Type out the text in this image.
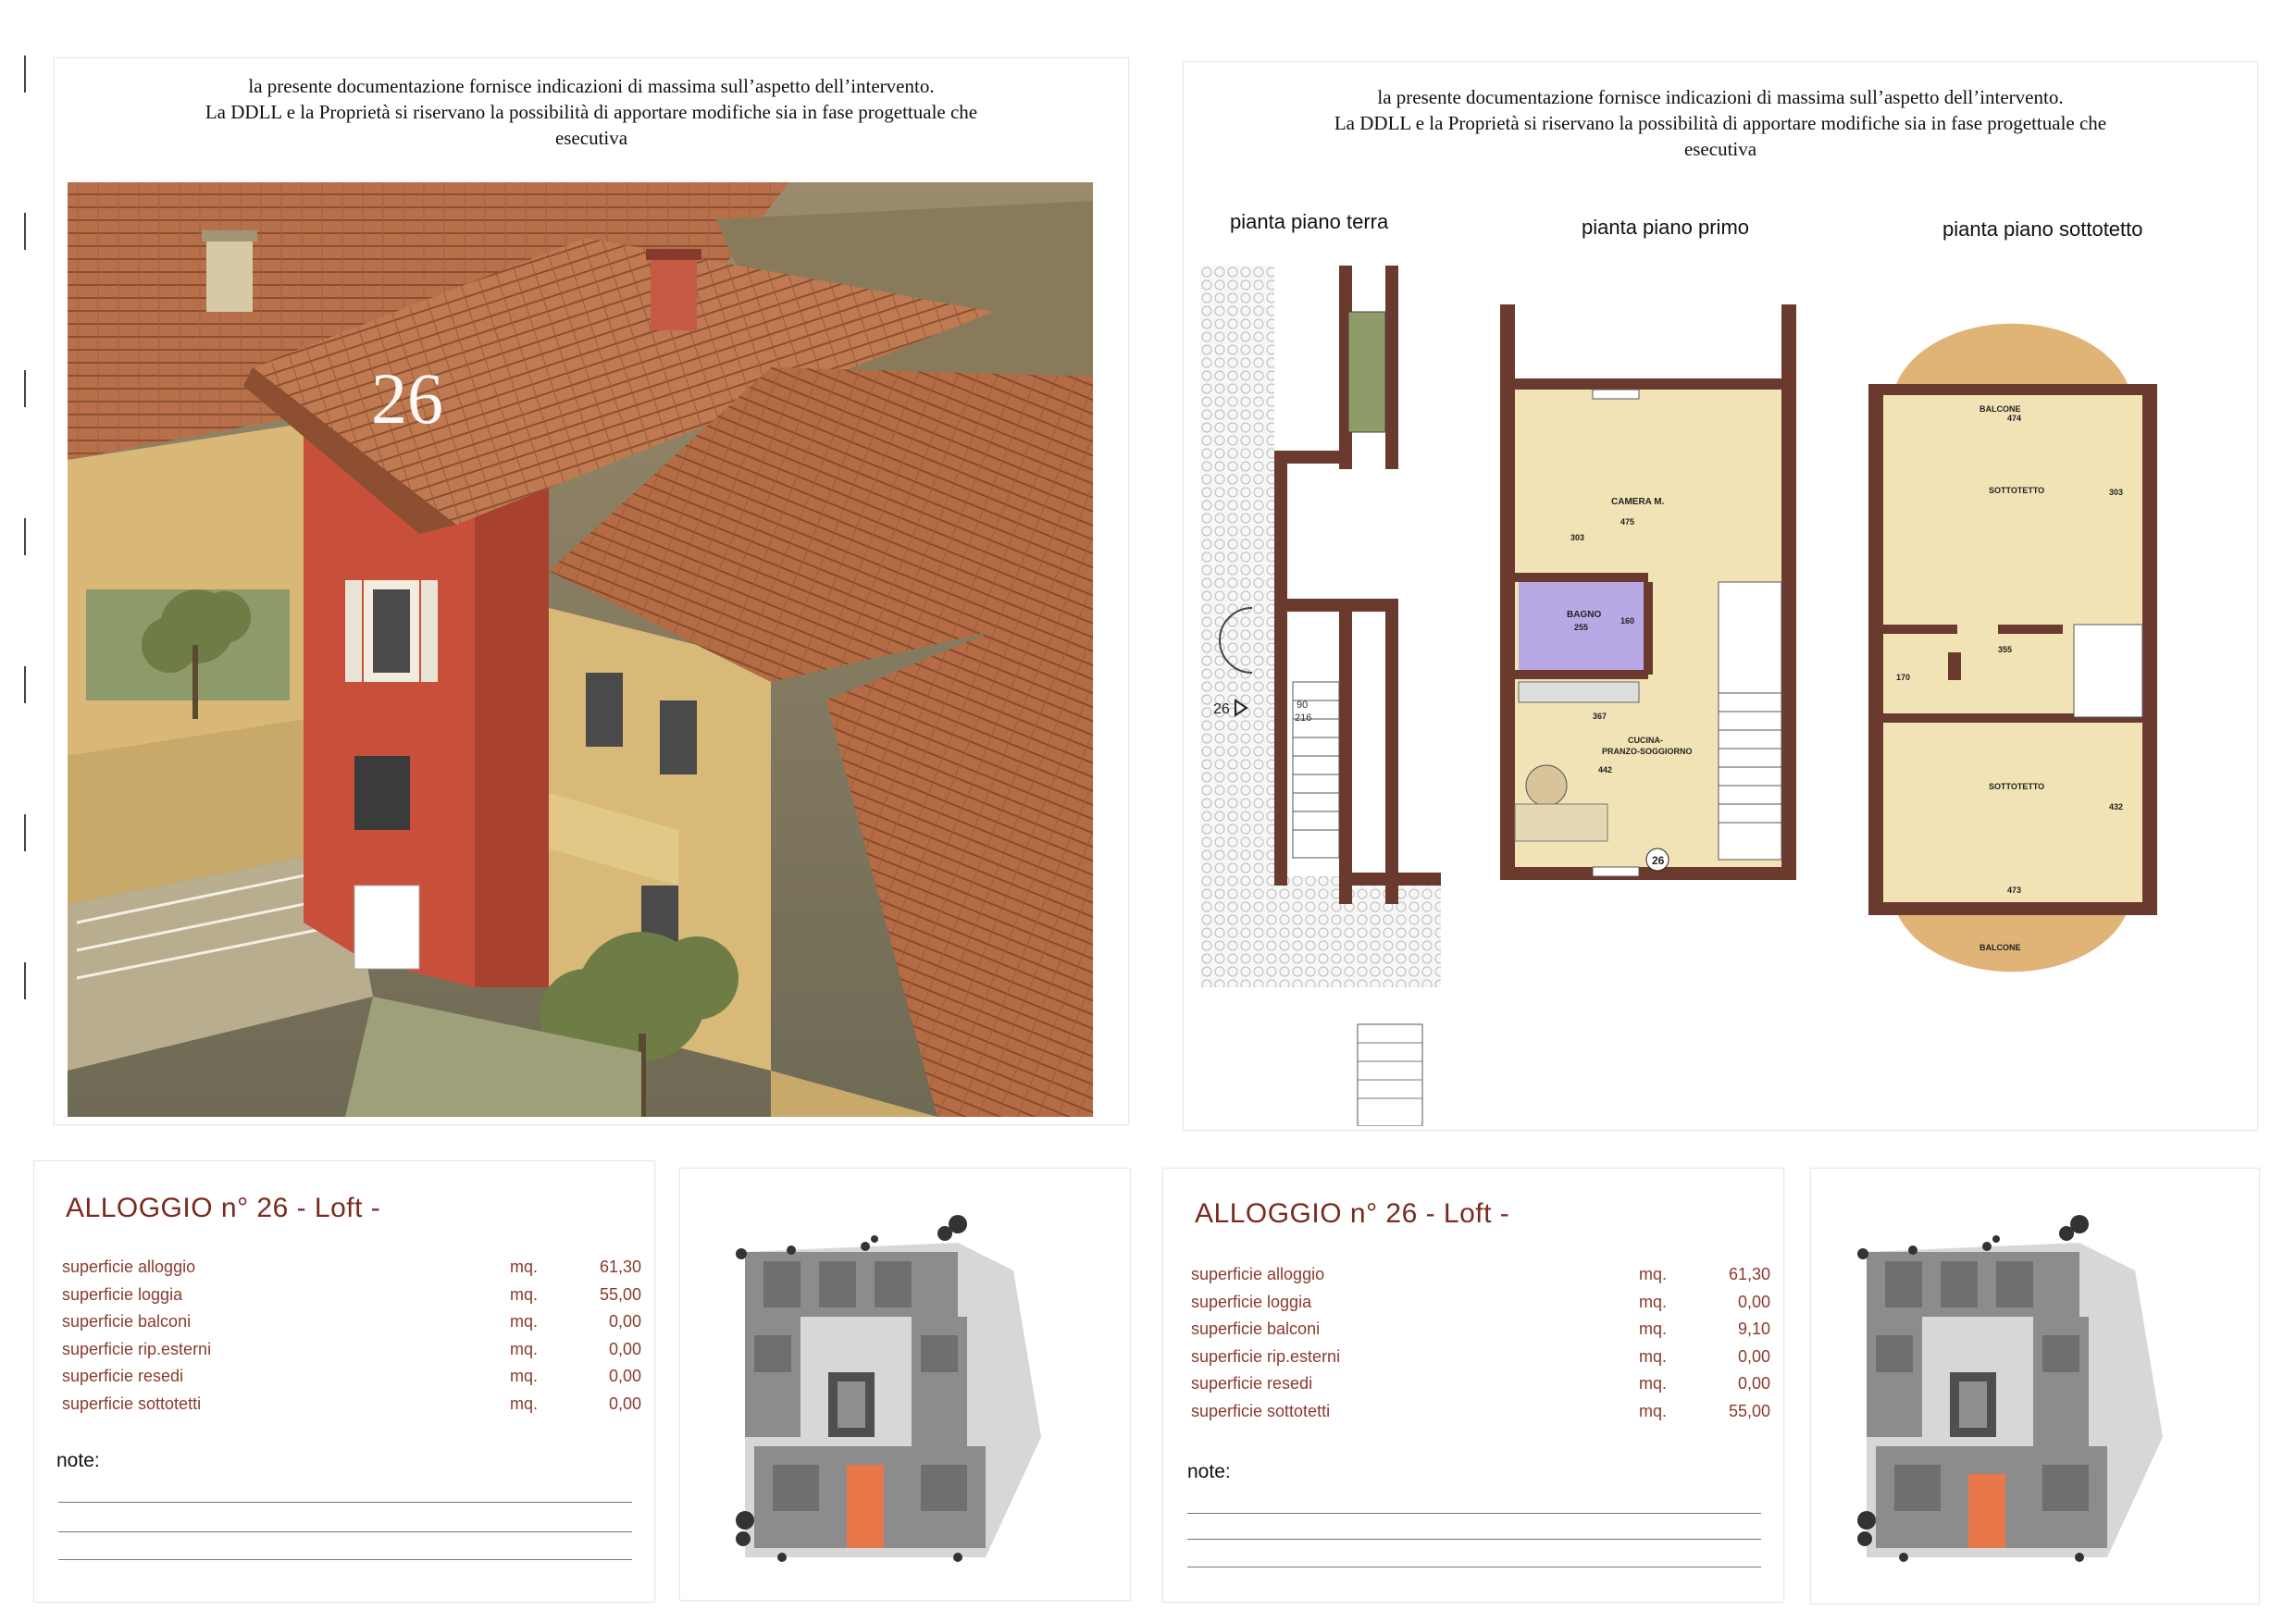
la presente documentazione fornisce indicazioni di massima sull’aspetto dell’intervento.
La DDLL e la Proprietà si riservano la possibilità di apportare modifiche sia in fase progettuale che
esecutiva
26
la presente documentazione fornisce indicazioni di massima sull’aspetto dell’intervento.
La DDLL e la Proprietà si riservano la possibilità di apportare modifiche sia in fase progettuale che
esecutiva
pianta piano terra	pianta piano primo	pianta piano sottotetto
26	90
216
26
CAMERA M.
475
303
BAGNO
255
160
367
CUCINA-
PRANZO-SOGGIORNO
442
BALCONE
BALCONE
SOTTOTETTO
SOTTOTETTO
474
303
355
170
432
473
ALLOGGIO n° 26 - Loft -
superficie alloggio	mq.	61,30
superficie loggia	mq.	55,00
superficie balconi	mq.	0,00
superficie rip.esterni	mq.	0,00
superficie resedi	mq.	0,00
superficie sottotetti	mq.	0,00
note:
ALLOGGIO n° 26 - Loft -
superficie alloggio	mq.	61,30
superficie loggia	mq.	0,00
superficie balconi	mq.	9,10
superficie rip.esterni	mq.	0,00
superficie resedi	mq.	0,00
superficie sottotetti	mq.	55,00
note:
